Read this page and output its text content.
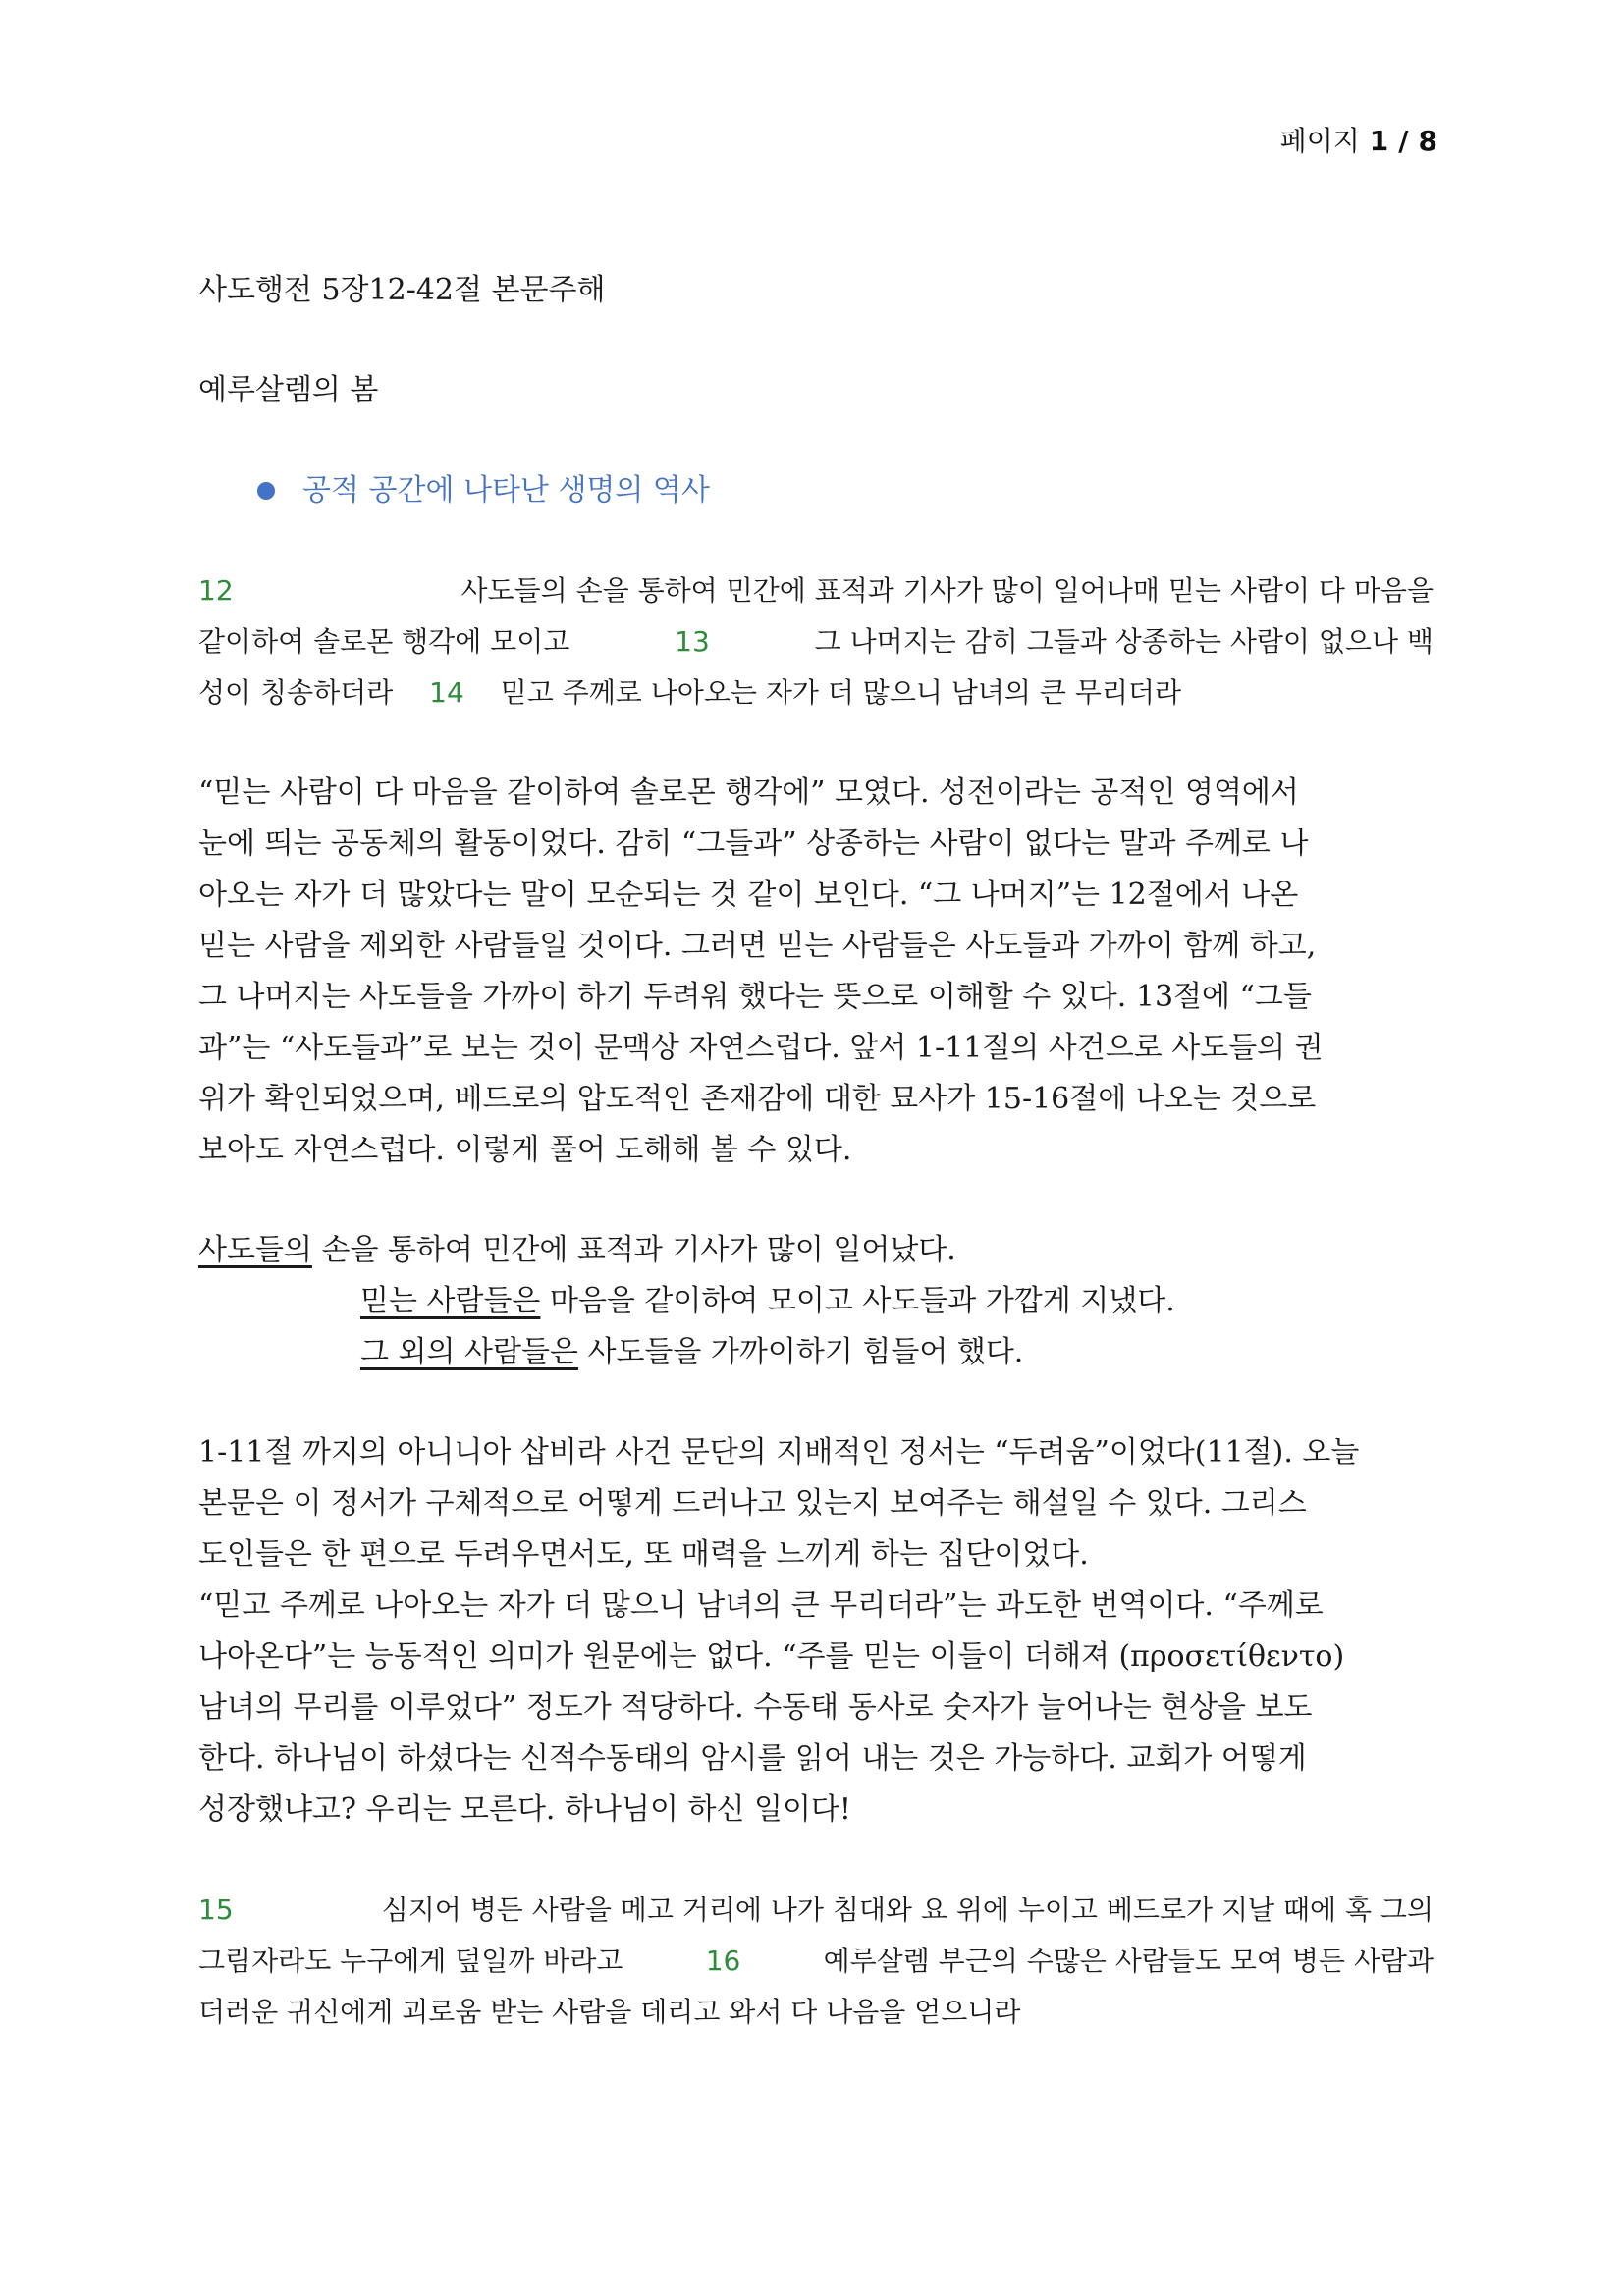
페이지 1 / 8
사도행전 5장12-42절 본문주해
예루살렘의 봄
공적 공간에 나타난 생명의 역사
12	사도들의 손을 통하여 민간에 표적과 기사가 많이 일어나매 믿는 사람이 다 마음을
같이하여 솔로몬 행각에 모이고	13	그 나머지는 감히 그들과 상종하는 사람이 없으나 백
성이 칭송하더라 14 믿고 주께로 나아오는 자가 더 많으니 남녀의 큰 무리더라
“믿는 사람이 다 마음을 같이하여 솔로몬 행각에” 모였다. 성전이라는 공적인 영역에서
눈에 띄는 공동체의 활동이었다. 감히 “그들과” 상종하는 사람이 없다는 말과 주께로 나
아오는 자가 더 많았다는 말이 모순되는 것 같이 보인다. “그 나머지”는 12절에서 나온
믿는 사람을 제외한 사람들일 것이다. 그러면 믿는 사람들은 사도들과 가까이 함께 하고,
그 나머지는 사도들을 가까이 하기 두려워 했다는 뜻으로 이해할 수 있다. 13절에 “그들
과”는 “사도들과”로 보는 것이 문맥상 자연스럽다. 앞서 1-11절의 사건으로 사도들의 권
위가 확인되었으며, 베드로의 압도적인 존재감에 대한 묘사가 15-16절에 나오는 것으로
보아도 자연스럽다. 이렇게 풀어 도해해 볼 수 있다.
사도들의 손을 통하여 민간에 표적과 기사가 많이 일어났다.
믿는 사람들은 마음을 같이하여 모이고 사도들과 가깝게 지냈다.
그 외의 사람들은 사도들을 가까이하기 힘들어 했다.
1-11절 까지의 아니니아 삽비라 사건 문단의 지배적인 정서는 “두려움”이었다(11절). 오늘
본문은 이 정서가 구체적으로 어떻게 드러나고 있는지 보여주는 해설일 수 있다. 그리스
도인들은 한 편으로 두려우면서도, 또 매력을 느끼게 하는 집단이었다.
“믿고 주께로 나아오는 자가 더 많으니 남녀의 큰 무리더라”는 과도한 번역이다. “주께로
나아온다”는 능동적인 의미가 원문에는 없다. “주를 믿는 이들이 더해져 (προσετίθεντο)
남녀의 무리를 이루었다” 정도가 적당하다. 수동태 동사로 숫자가 늘어나는 현상을 보도
한다. 하나님이 하셨다는 신적수동태의 암시를 읽어 내는 것은 가능하다. 교회가 어떻게
성장했냐고? 우리는 모른다. 하나님이 하신 일이다!
15	심지어 병든 사람을 메고 거리에 나가 침대와 요 위에 누이고 베드로가 지날 때에 혹 그의
그림자라도 누구에게 덮일까 바라고	16	예루살렘 부근의 수많은 사람들도 모여 병든 사람과
더러운 귀신에게 괴로움 받는 사람을 데리고 와서 다 나음을 얻으니라
